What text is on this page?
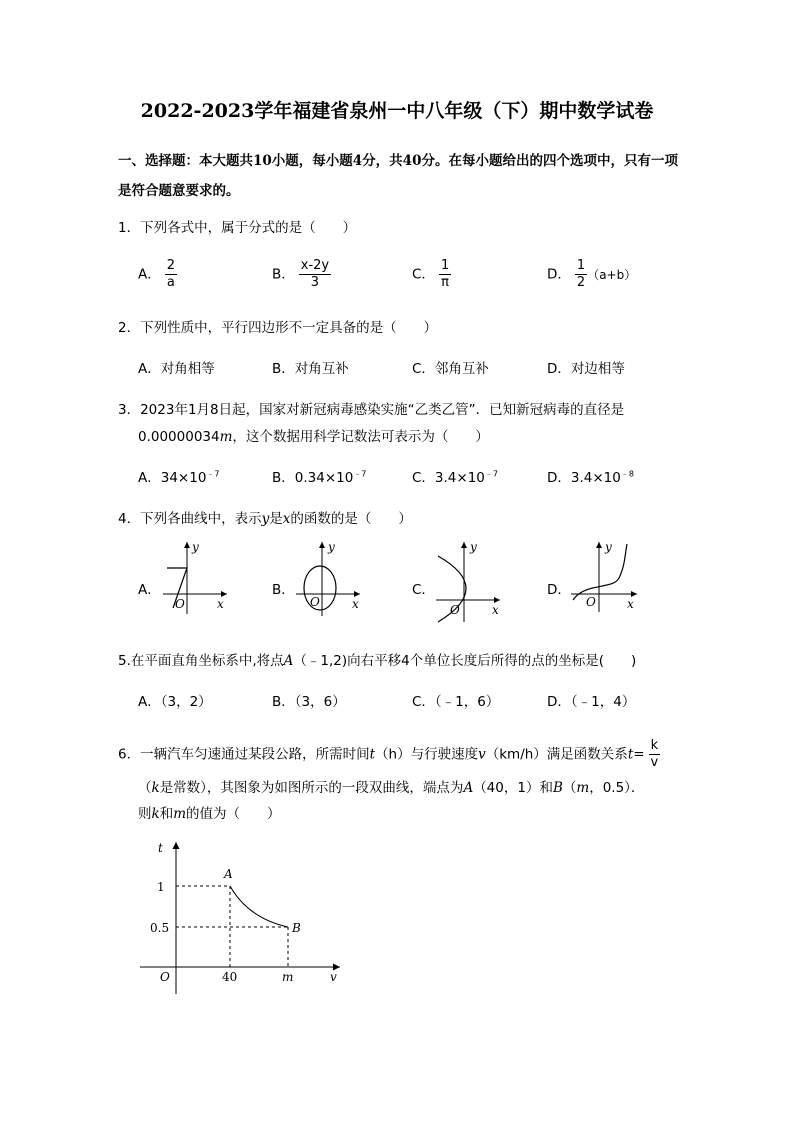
2022-2023学年福建省泉州一中八年级（下）期中数学试卷
一、选择题：本大题共10小题，每小题4分，共40分。在每小题给出的四个选项中，只有一项是符合题意要求的。
1．下列各式中，属于分式的是（　　）
A． $\frac{2}{a}$	B． $\frac{x-2y}{3}$	C． $\frac{1}{\pi}$	D． $\frac{1}{2} (a+b)$
2．下列性质中，平行四边形不一定具备的是（　　）
A．对角相等	B．对角互补	C．邻角互补	D．对边相等
3．2023年1月8日起，国家对新冠病毒感染实施“乙类乙管”．已知新冠病毒的直径是
0.00000034m，这个数据用科学记数法可表示为（　　）
A．$34\times 10^{﹣7}$	B．$0.34\times 10^{﹣7}$	C．$3.4\times 10^{﹣7}$	D．$3.4\times 10^{﹣8}$
4．下列各曲线中，表示y是x的函数的是（　　）
A．	B．	C．	D．
y
x
O
y
x
O
y
x
O
y
x
O
5.在平面直角坐标系中,将点A（﹣1,2)向右平移4个单位长度后所得的点的坐标是(　　)
A．（3，2）	B．（3，6）	C．（﹣1，6）	D．（﹣1，4）
6．一辆汽车匀速通过某段公路，所需时间t（h）与行驶速度v（km/h）满足函数关系$t= \frac{k}{v}$
（k是常数），其图象为如图所示的一段双曲线，端点为A（40，1）和B（m，0.5）．
则k和m的值为（　　）
t
v
O
1
0.5
40	m
A
B
